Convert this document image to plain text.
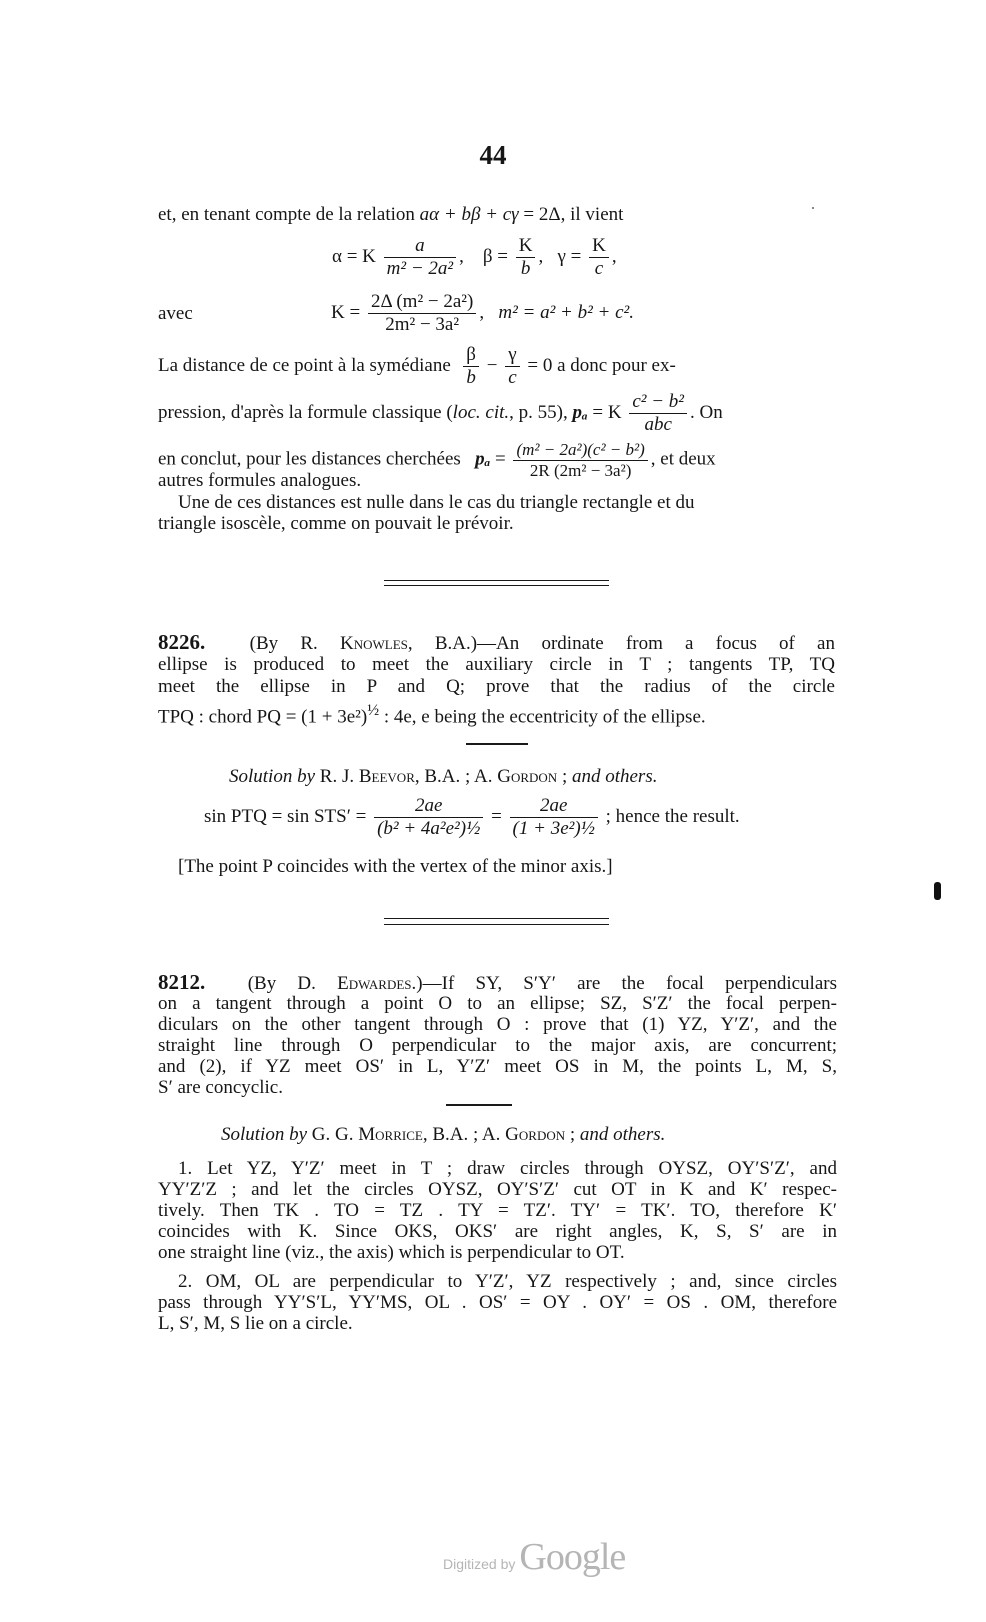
44
et, en tenant compte de la relation aα + bβ + cγ = 2Δ, il vient
α = K $\frac{a}{\text{m² − 2a²}}$ ,    $\beta = \frac{K}{b}$ ,   $\gamma = \frac{K}{c}$ ,
avec	$K = \frac{\text{2Δ (m² − 2a²)}}{\text{2m² − 3a²}}$ ,   m² = a² + b² + c².
La distance de ce point à la symédiane $\frac{\beta}{b} - \frac{\gamma}{c} = 0$ a donc pour ex-
pression, d'après la formule classique (loc. cit., p. 55), pₐ = K $\frac{\text{c² − b²}}{\text{abc}}$ . On
en conclut, pour les distances cherchées $p_a = \frac{\text{(m² − 2a²)(c² − b²)}}{\text{2R (2m² − 3a²)}}$ , et deux
autres formules analogues.
Une de ces distances est nulle dans le cas du triangle rectangle et du
triangle isoscèle, comme on pouvait le prévoir.
8226. (By R. Knowles, B.A.)—An ordinate from a focus of an
ellipse is produced to meet the auxiliary circle in T ; tangents TP, TQ
meet the ellipse in P and Q; prove that the radius of the circle
TPQ : chord PQ = $(1 + 3e^2)^{\frac{1}{2}}$ : 4e, e being the eccentricity of the ellipse.
Solution by R. J. Beevor, B.A. ; A. Gordon ; and others.
sin PTQ = $\sin STS' = \frac{2ae}{\text{(b² + 4a²e²)½}} = \frac{2ae}{\text{(1 + 3e²)½}}$ ; hence the result.
[The point P coincides with the vertex of the minor axis.]
8212. (By D. Edwardes.)—If SY, S′Y′ are the focal perpendiculars
on a tangent through a point O to an ellipse; SZ, S′Z′ the focal perpen-
diculars on the other tangent through O : prove that (1) YZ, Y′Z′, and the
straight line through O perpendicular to the major axis, are concurrent;
and (2), if YZ meet OS′ in L, Y′Z′ meet OS in M, the points L, M, S,
S′ are concyclic.
Solution by G. G. Morrice, B.A. ; A. Gordon ; and others.
1. Let YZ, Y′Z′ meet in T ; draw circles through OYSZ, OY′S′Z′, and
YY′Z′Z ; and let the circles OYSZ, OY′S′Z′ cut OT in K and K′ respec-
tively. Then TK . TO = TZ . TY = TZ′. TY′ = TK′. TO, therefore K′
coincides with K. Since OKS, OKS′ are right angles, K, S, S′ are in
one straight line (viz., the axis) which is perpendicular to OT.
2. OM, OL are perpendicular to Y′Z′, YZ respectively ; and, since circles
pass through YY′S′L, YY′MS, OL . OS′ = OY . OY′ = OS . OM, therefore
L, S′, M, S lie on a circle.
Digitized by Google
